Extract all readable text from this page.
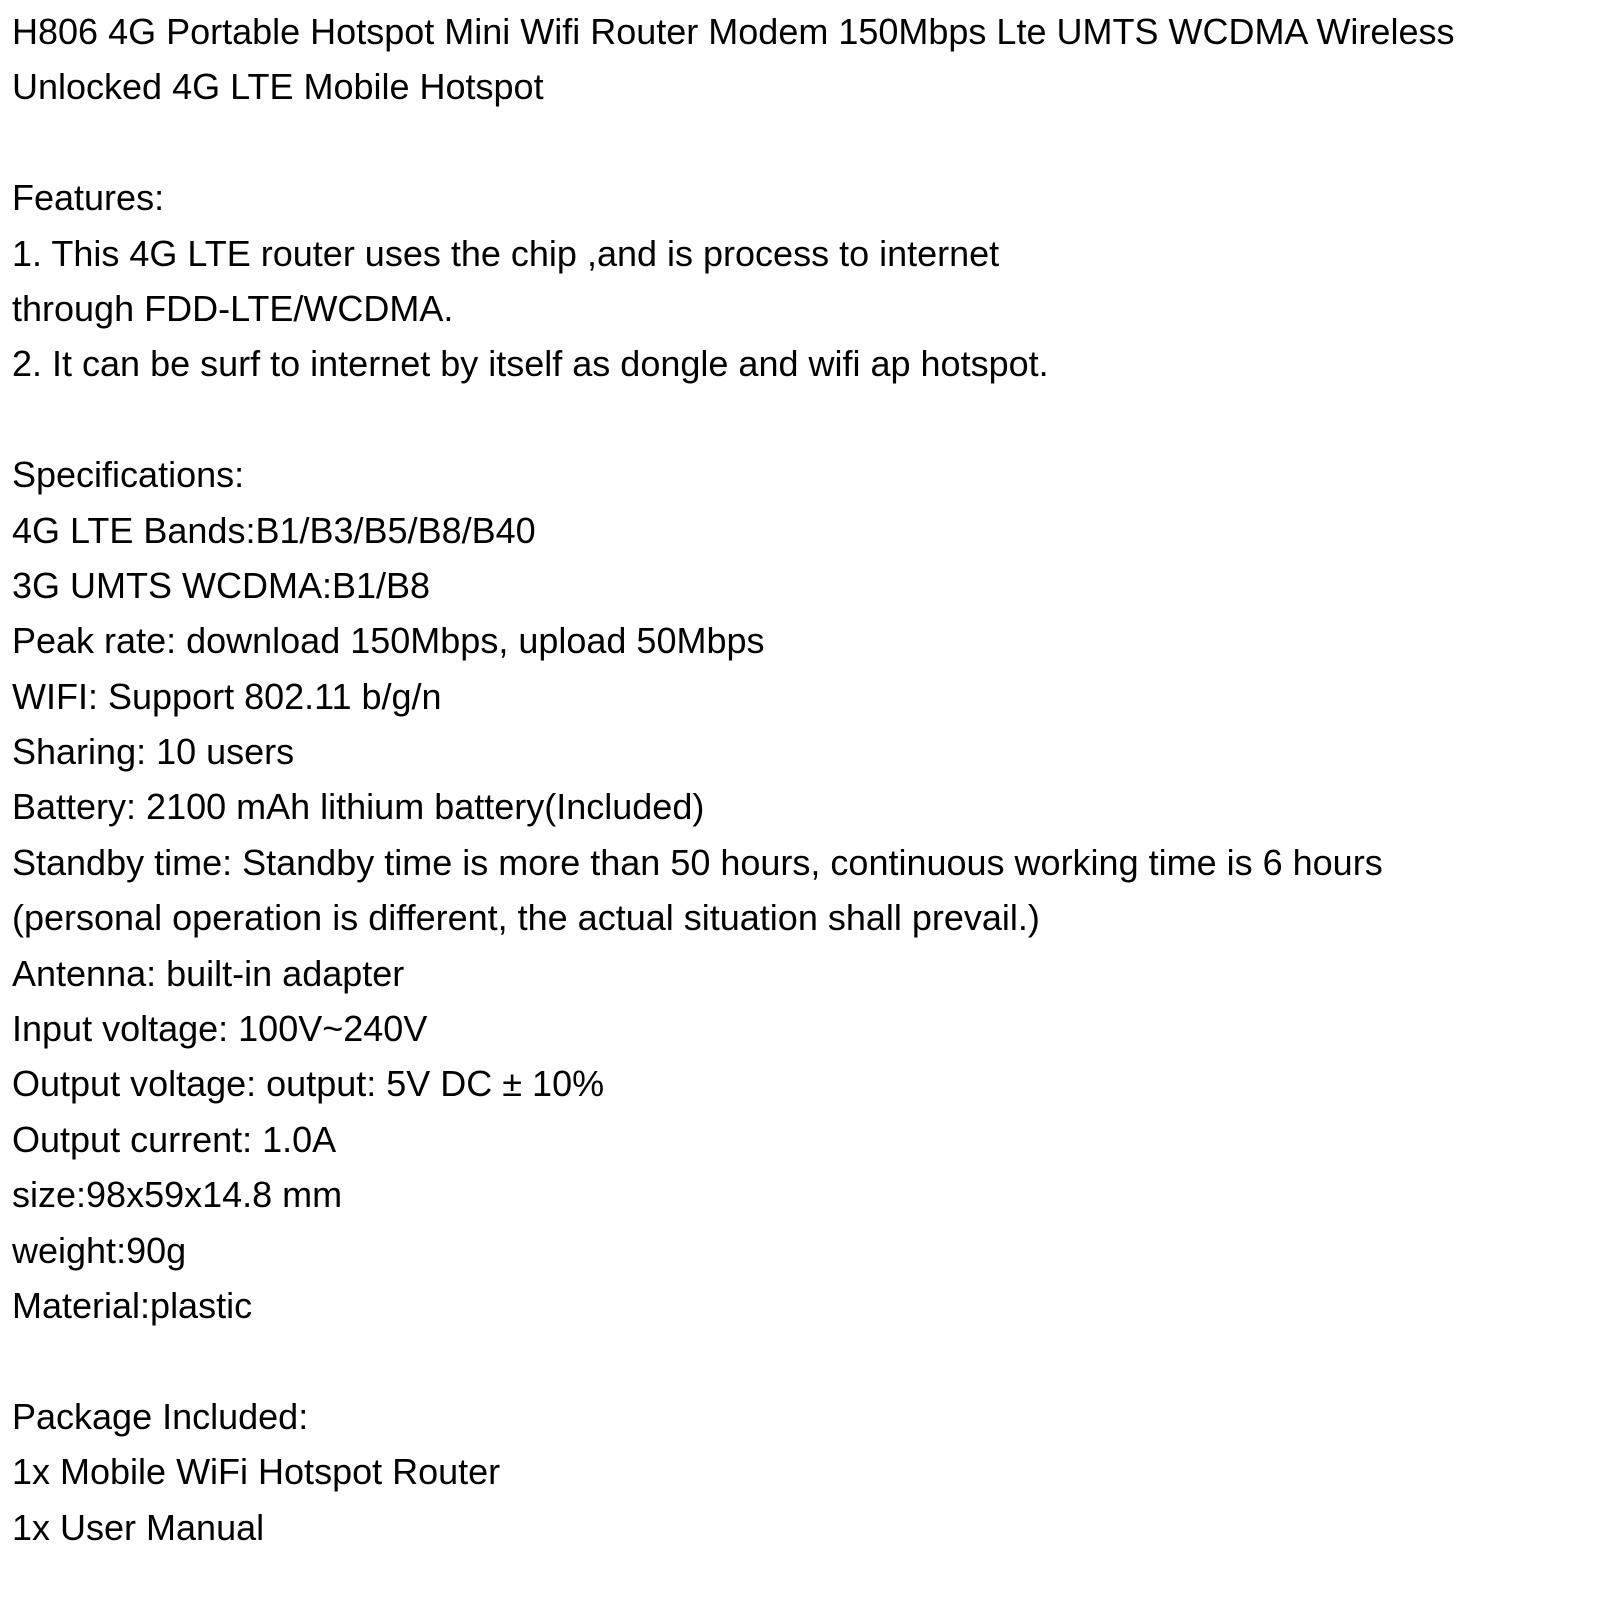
H806 4G Portable Hotspot Mini Wifi Router Modem 150Mbps Lte UMTS WCDMA Wireless
Unlocked 4G LTE Mobile Hotspot
Features:
1. This 4G LTE router uses the chip ,and is process to internet
through FDD-LTE/WCDMA.
2. It can be surf to internet by itself as dongle and wifi ap hotspot.
Specifications:
4G LTE Bands:B1/B3/B5/B8/B40
3G UMTS WCDMA:B1/B8
Peak rate: download 150Mbps, upload 50Mbps
WIFI: Support 802.11 b/g/n
Sharing: 10 users
Battery: 2100 mAh lithium battery(Included)
Standby time: Standby time is more than 50 hours, continuous working time is 6 hours
(personal operation is different, the actual situation shall prevail.)
Antenna: built-in adapter
Input voltage: 100V~240V
Output voltage: output: 5V DC ± 10%
Output current: 1.0A
size:98x59x14.8 mm
weight:90g
Material:plastic
Package Included:
1x Mobile WiFi Hotspot Router
1x User Manual
